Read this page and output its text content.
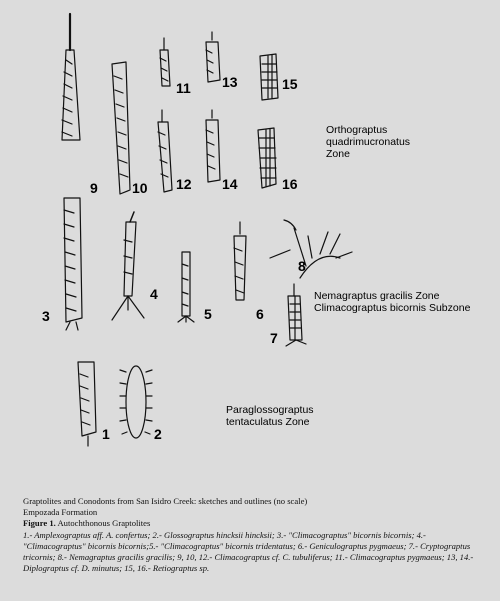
9 10
11
12
13
14
15
16
3
4
5	6
7
8
1	2
Orthograptus
quadrimucronatus
Zone
Nemagraptus gracilis Zone
Climacograptus bicornis Subzone
Paraglossograptus
tentaculatus Zone
Graptolites and Conodonts from San Isidro Creek: sketches and outlines (no scale)
Empozada Formation
Figure 1. Autochthonous Graptolites
1.- Amplexograptus aff. A. confertus; 2.- Glossograptus hincksii hincksii; 3.- "Climacograptus" bicornis bicornis; 4.-"Climacograptus" bicornis bicornis;5.- "Climacograptus" bicornis tridentatus; 6.- Geniculograptus pygmaeus; 7.- Cryptograptus tricornis; 8.- Nemagraptus gracilis gracilis; 9, 10, 12.- Climacograptus cf. C. tubuliferus; 11.- Climacograptus pygmaeus; 13, 14.- Diplograptus cf. D. minutus; 15, 16.- Retiograptus sp.
